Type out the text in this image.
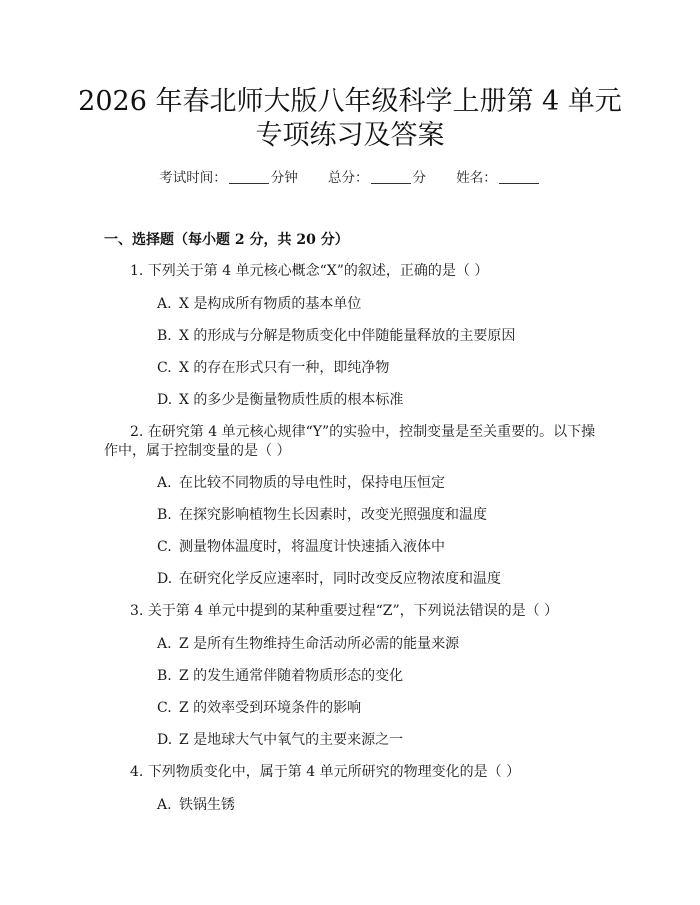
2026 年春北师大版八年级科学上册第 4 单元
专项练习及答案
考试时间：	分钟 总分：	分 姓名：
一、选择题（每小题 2 分，共 20 分）
1. 下列关于第 4 单元核心概念“X”的叙述，正确的是（ ）
A. X 是构成所有物质的基本单位
B. X 的形成与分解是物质变化中伴随能量释放的主要原因
C. X 的存在形式只有一种，即纯净物
D. X 的多少是衡量物质性质的根本标准
2. 在研究第 4 单元核心规律“Y”的实验中，控制变量是至关重要的。以下操
作中，属于控制变量的是（ ）
A. 在比较不同物质的导电性时，保持电压恒定
B. 在探究影响植物生长因素时，改变光照强度和温度
C. 测量物体温度时，将温度计快速插入液体中
D. 在研究化学反应速率时，同时改变反应物浓度和温度
3. 关于第 4 单元中提到的某种重要过程“Z”，下列说法错误的是（ ）
A. Z 是所有生物维持生命活动所必需的能量来源
B. Z 的发生通常伴随着物质形态的变化
C. Z 的效率受到环境条件的影响
D. Z 是地球大气中氧气的主要来源之一
4. 下列物质变化中，属于第 4 单元所研究的物理变化的是（ ）
A. 铁锅生锈
